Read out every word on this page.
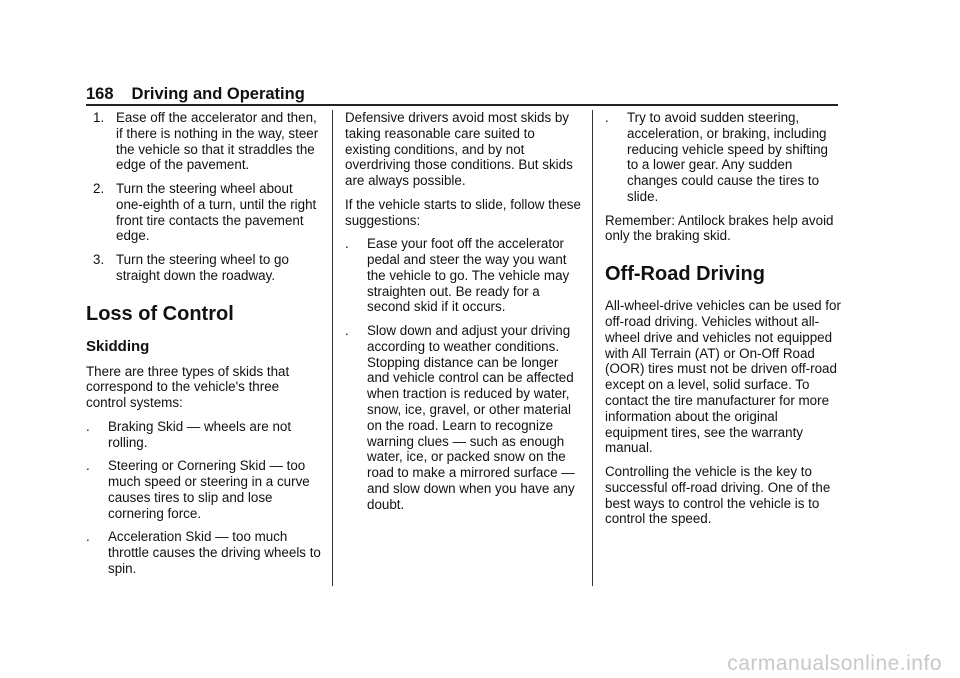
168 Driving and Operating
1. Ease off the accelerator and then, if there is nothing in the way, steer the vehicle so that it straddles the edge of the pavement.
2. Turn the steering wheel about one-eighth of a turn, until the right front tire contacts the pavement edge.
3. Turn the steering wheel to go straight down the roadway.
Loss of Control
Skidding

There are three types of skids that correspond to the vehicle's three control systems:

. Braking Skid — wheels are not rolling.
. Steering or Cornering Skid — too much speed or steering in a curve causes tires to slip and lose cornering force.
. Acceleration Skid — too much throttle causes the driving wheels to spin.

Defensive drivers avoid most skids by taking reasonable care suited to existing conditions, and by not overdriving those conditions. But skids are always possible.

If the vehicle starts to slide, follow these suggestions:

. Ease your foot off the accelerator pedal and steer the way you want the vehicle to go. The vehicle may straighten out. Be ready for a second skid if it occurs.
. Slow down and adjust your driving according to weather conditions. Stopping distance can be longer and vehicle control can be affected when traction is reduced by water, snow, ice, gravel, or other material on the road. Learn to recognize warning clues — such as enough water, ice, or packed snow on the road to make a mirrored surface — and slow down when you have any doubt.
. Try to avoid sudden steering, acceleration, or braking, including reducing vehicle speed by shifting to a lower gear. Any sudden changes could cause the tires to slide.

Remember: Antilock brakes help avoid only the braking skid.

Off-Road Driving

All-wheel-drive vehicles can be used for off-road driving. Vehicles without all-wheel drive and vehicles not equipped with All Terrain (AT) or On-Off Road (OOR) tires must not be driven off-road except on a level, solid surface. To contact the tire manufacturer for more information about the original equipment tires, see the warranty manual.

Controlling the vehicle is the key to successful off-road driving. One of the best ways to control the vehicle is to control the speed.

carmanualsonline.info
